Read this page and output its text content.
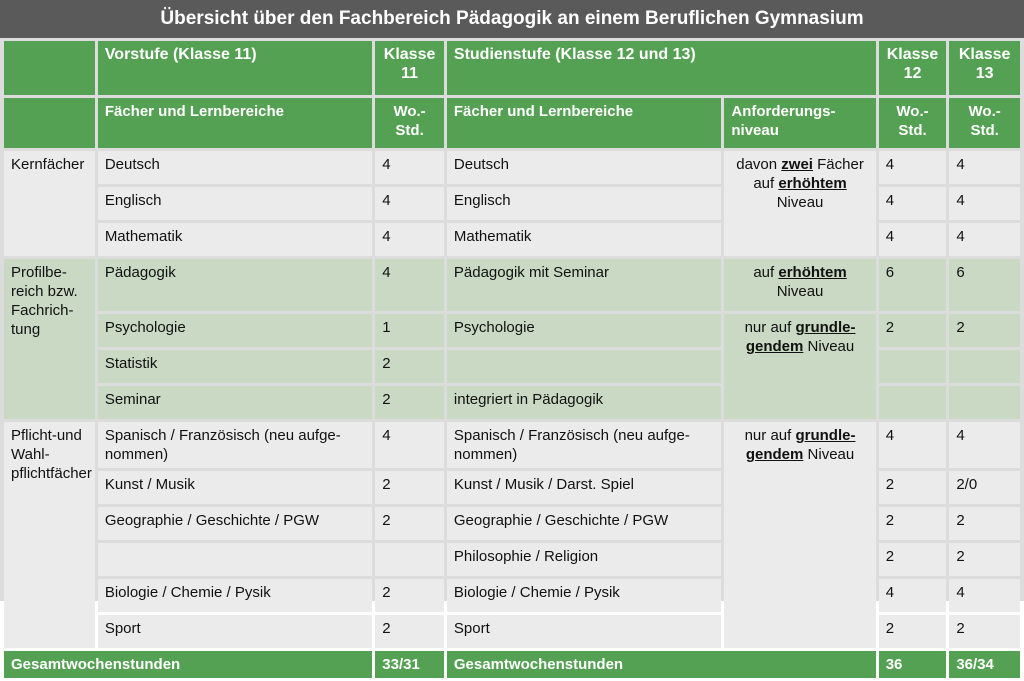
Übersicht über den Fachbereich Pädagogik an einem Beruflichen Gymnasium
	Vorstufe (Klasse 11)	Klasse 11	Studienstufe (Klasse 12 und 13)		Klasse 12	Klasse 13
	Fächer und Lernbereiche	Wo.-Std.	Fächer und Lernbereiche	Anforderungs-niveau	Wo.-Std.	Wo.-Std.
Kernfächer	Deutsch	4	Deutsch	davon zwei Fächer auf erhöhtem Niveau	4	4
	Englisch	4	Englisch		4	4
	Mathematik	4	Mathematik		4	4
Profilbe-reich bzw. Fachrich-tung	Pädagogik	4	Pädagogik mit Seminar	auf erhöhtem Niveau	6	6
	Psychologie	1	Psychologie	nur auf grundle-gendem Niveau	2	2
	Statistik	2				
	Seminar	2	integriert in Pädagogik			
Pflicht-und Wahl-pflichtfächer	Spanisch / Französisch (neu aufge-nommen)	4	Spanisch / Französisch (neu aufge-nommen)	nur auf grundle-gendem Niveau	4	4
	Kunst / Musik	2	Kunst / Musik / Darst. Spiel		2	2/0
	Geographie / Geschichte / PGW	2	Geographie / Geschichte / PGW		2	2
			Philosophie / Religion		2	2
	Biologie / Chemie / Pysik	2	Biologie / Chemie / Pysik		4	4
	Sport	2	Sport		2	2
Gesamtwochenstunden		33/31	Gesamtwochenstunden		36	36/34
